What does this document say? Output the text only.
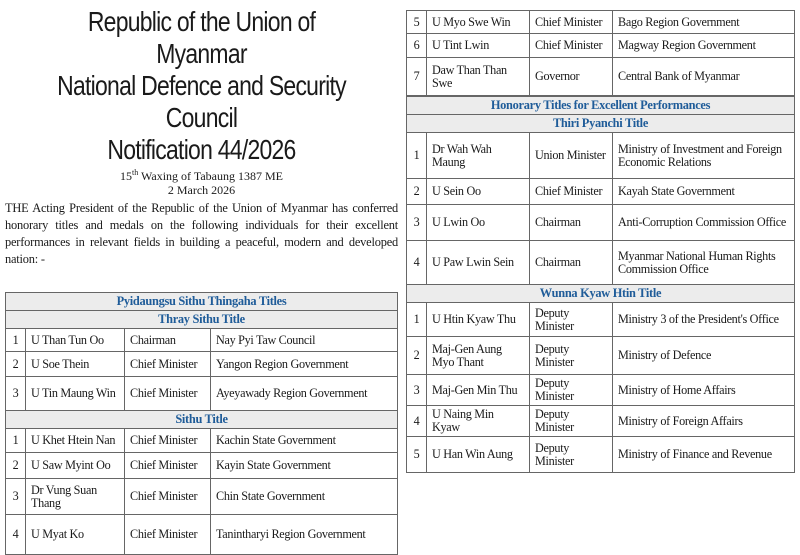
Republic of the Union of Myanmar
National Defence and Security Council
Notification 44/2026
15th Waxing of Tabaung 1387 ME
2 March 2026
THE Acting President of the Republic of the Union of Myanmar has conferred honorary titles and medals on the following individuals for their excellent performances in relevant fields in building a peaceful, modern and developed nation: -
Pyidaungsu Sithu Thingaha Titles			
Thray Sithu Title			
1	U Than Tun Oo	Chairman	Nay Pyi Taw Council
2	U Soe Thein	Chief Minister	Yangon Region Government
3	U Tin Maung Win	Chief Minister	Ayeyawady Region Government
Sithu Title			
1	U Khet Htein Nan	Chief Minister	Kachin State Government
2	U Saw Myint Oo	Chief Minister	Kayin State Government
3	Dr Vung Suan Thang	Chief Minister	Chin State Government
4	U Myat Ko	Chief Minister	Tanintharyi Region Government
5	U Myo Swe Win	Chief Minister	Bago Region Government
6	U Tint Lwin	Chief Minister	Magway Region Government
7	Daw Than Than Swe	Governor	Central Bank of Myanmar
Honorary Titles for Excellent Performances			
Thiri Pyanchi Title			
1	Dr Wah Wah Maung	Union Minister	Ministry of Investment and Foreign Economic Relations
2	U Sein Oo	Chief Minister	Kayah State Government
3	U Lwin Oo	Chairman	Anti-Corruption Commission Office
4	U Paw Lwin Sein	Chairman	Myanmar National Human Rights Commission Office
Wunna Kyaw Htin Title			
1	U Htin Kyaw Thu	Deputy Minister	Ministry 3 of the President's Office
2	Maj-Gen Aung Myo Thant	Deputy Minister	Ministry of Defence
3	Maj-Gen Min Thu	Deputy Minister	Ministry of Home Affairs
4	U Naing Min Kyaw	Deputy Minister	Ministry of Foreign Affairs
5	U Han Win Aung	Deputy Minister	Ministry of Finance and Revenue
